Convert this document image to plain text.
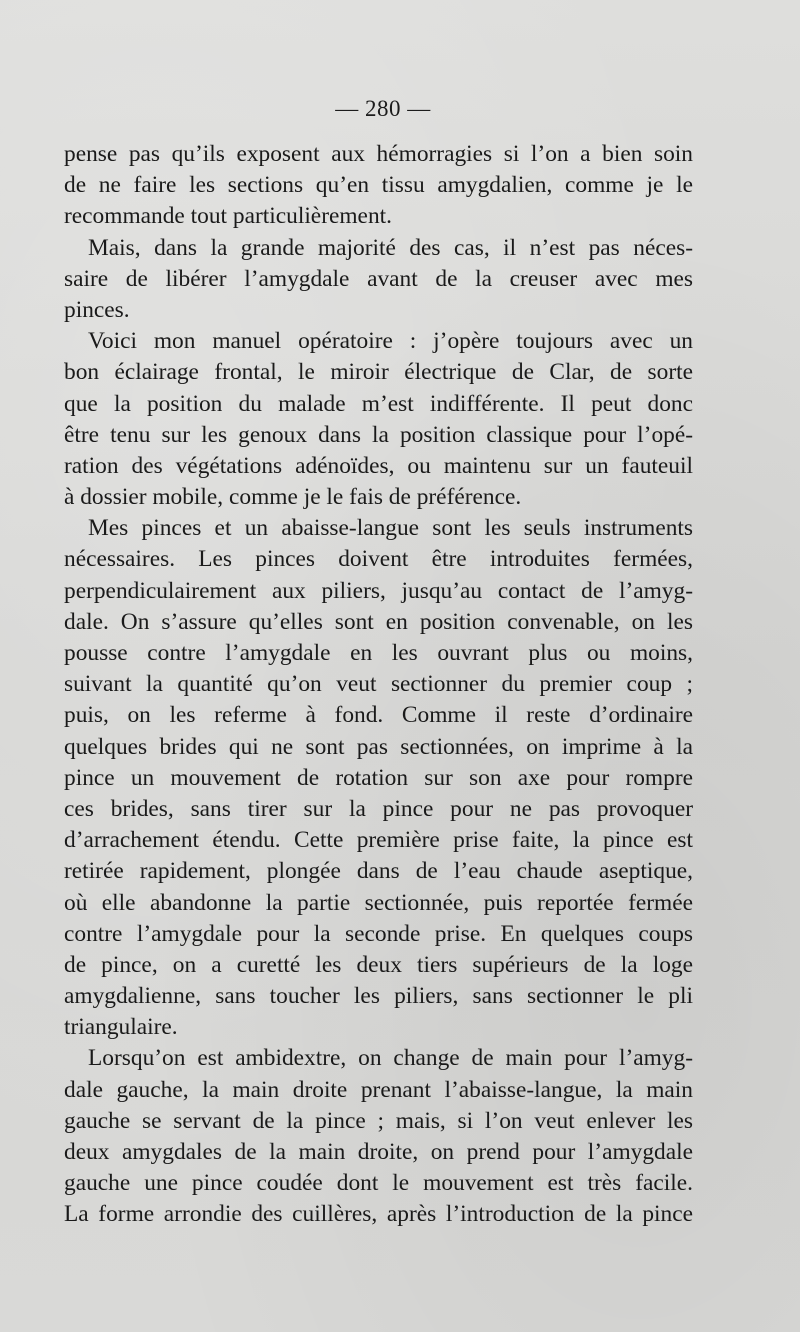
— 280 —
pense pas qu’ils exposent aux hémorragies si l’on a bien soin
de ne faire les sections qu’en tissu amygdalien, comme je le
recommande tout particulièrement.
Mais, dans la grande majorité des cas, il n’est pas néces-
saire de libérer l’amygdale avant de la creuser avec mes
pinces.
Voici mon manuel opératoire : j’opère toujours avec un
bon éclairage frontal, le miroir électrique de Clar, de sorte
que la position du malade m’est indifférente. Il peut donc
être tenu sur les genoux dans la position classique pour l’opé-
ration des végétations adénoïdes, ou maintenu sur un fauteuil
à dossier mobile, comme je le fais de préférence.
Mes pinces et un abaisse-langue sont les seuls instruments
nécessaires. Les pinces doivent être introduites fermées,
perpendiculairement aux piliers, jusqu’au contact de l’amyg-
dale. On s’assure qu’elles sont en position convenable, on les
pousse contre l’amygdale en les ouvrant plus ou moins,
suivant la quantité qu’on veut sectionner du premier coup ;
puis, on les referme à fond. Comme il reste d’ordinaire
quelques brides qui ne sont pas sectionnées, on imprime à la
pince un mouvement de rotation sur son axe pour rompre
ces brides, sans tirer sur la pince pour ne pas provoquer
d’arrachement étendu. Cette première prise faite, la pince est
retirée rapidement, plongée dans de l’eau chaude aseptique,
où elle abandonne la partie sectionnée, puis reportée fermée
contre l’amygdale pour la seconde prise. En quelques coups
de pince, on a curetté les deux tiers supérieurs de la loge
amygdalienne, sans toucher les piliers, sans sectionner le pli
triangulaire.
Lorsqu’on est ambidextre, on change de main pour l’amyg-
dale gauche, la main droite prenant l’abaisse-langue, la main
gauche se servant de la pince ; mais, si l’on veut enlever les
deux amygdales de la main droite, on prend pour l’amygdale
gauche une pince coudée dont le mouvement est très facile.
La forme arrondie des cuillères, après l’introduction de la pince
